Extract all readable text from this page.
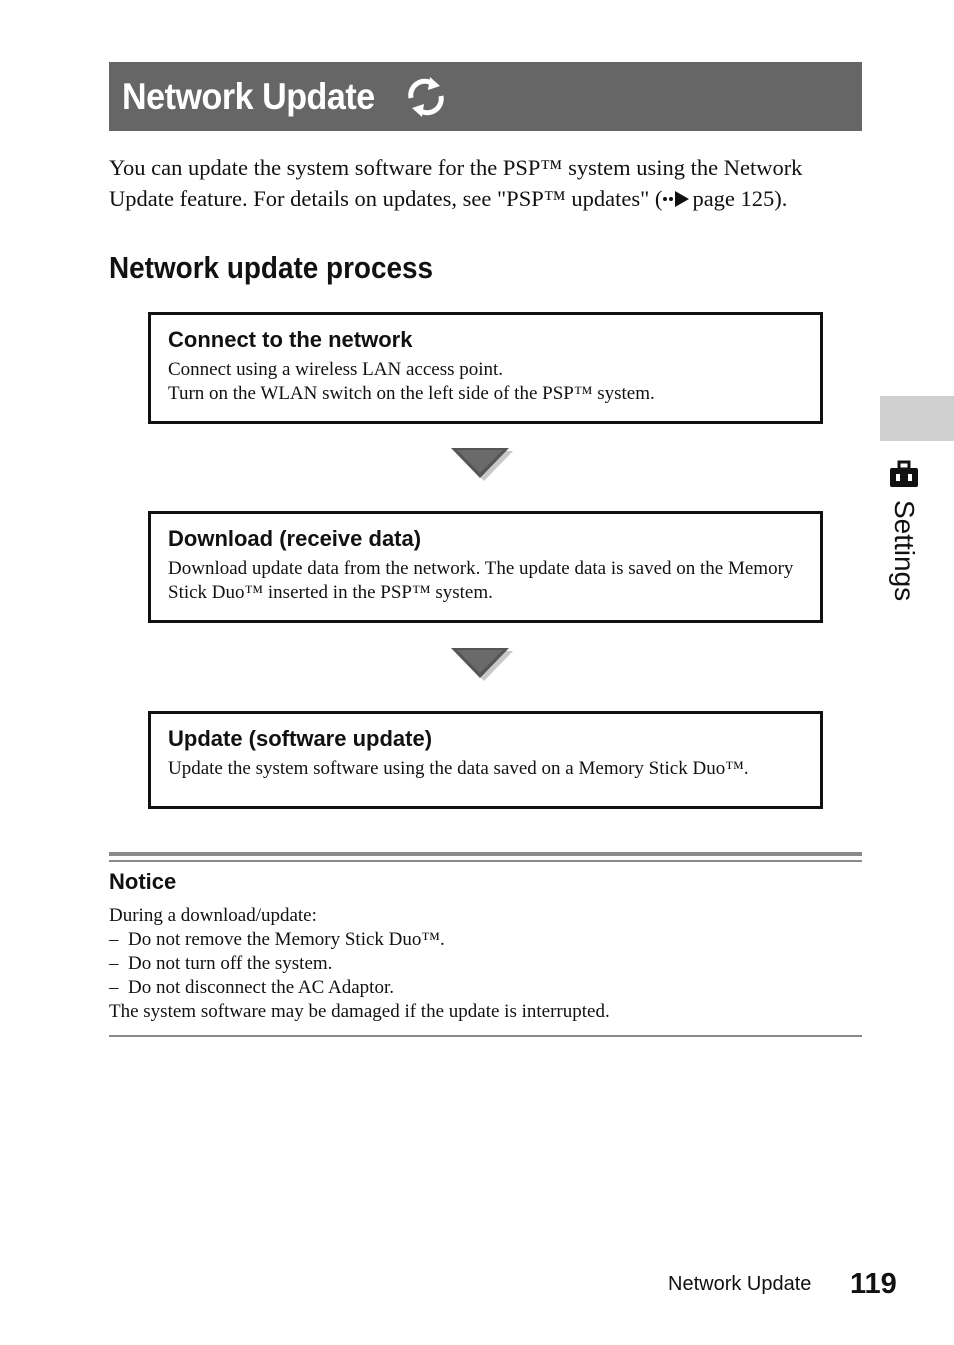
Network Update
You can update the system software for the PSP™ system using the Network Update feature. For details on updates, see "PSP™ updates" ( page 125).
Network update process
Connect to the network

Connect using a wireless LAN access point.

Turn on the WLAN switch on the left side of the PSP™ system.

Download (receive data)

Download update data from the network. The update data is saved on the Memory Stick Duo™ inserted in the PSP™ system.

Update (software update)

Update the system software using the data saved on a Memory Stick Duo™.

Notice
During a download/update:
–  Do not remove the Memory Stick Duo™.
–  Do not turn off the system.
–  Do not disconnect the AC Adaptor.
The system software may be damaged if the update is interrupted.
Settings
Network Update 119
